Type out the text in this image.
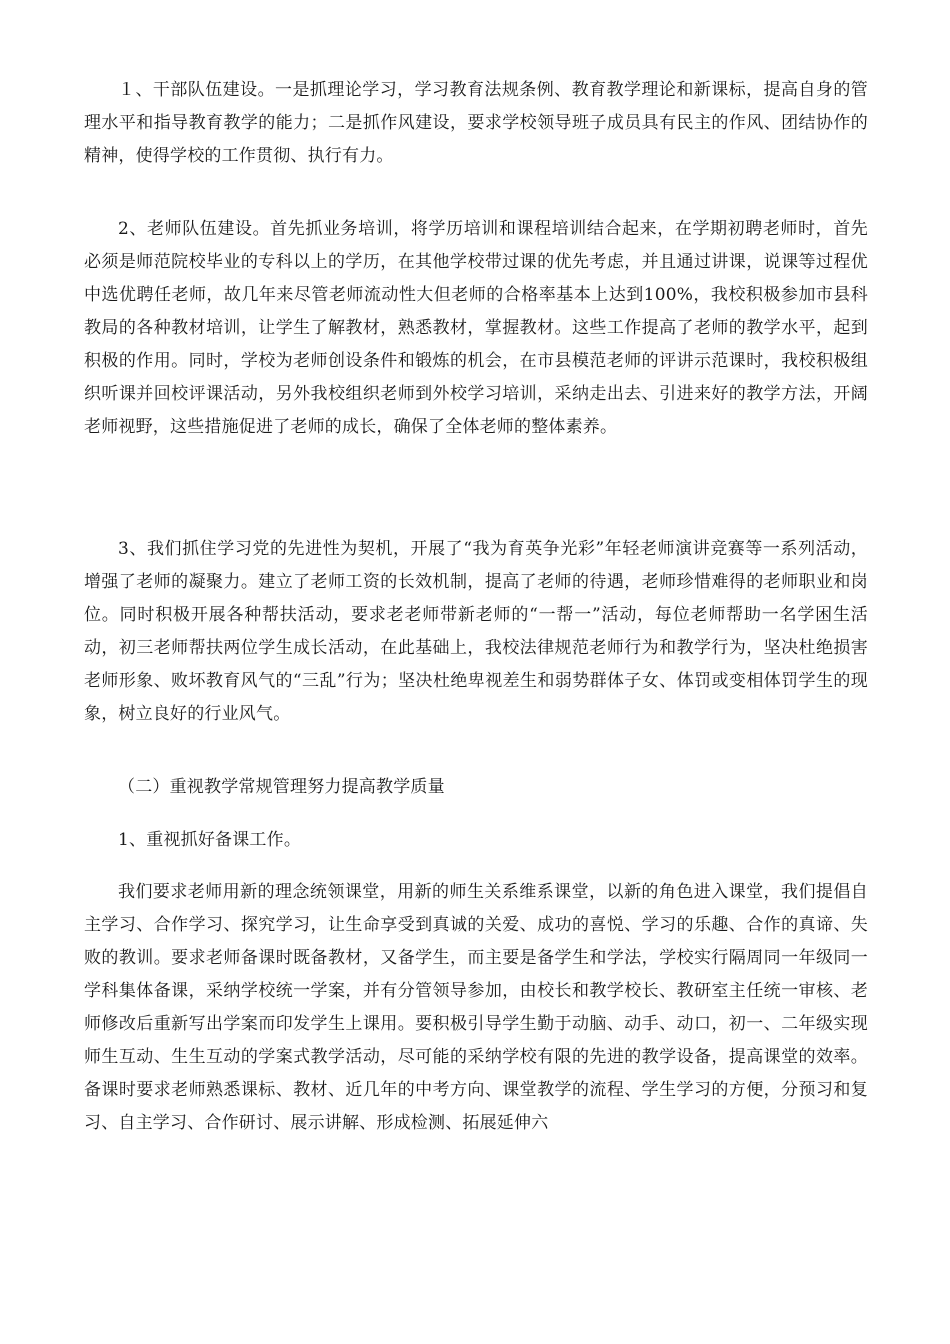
１、干部队伍建设。一是抓理论学习，学习教育法规条例、教育教学理论和新课标，提高自身的管理水平和指导教育教学的能力；二是抓作风建设，要求学校领导班子成员具有民主的作风、团结协作的精神，使得学校的工作贯彻、执行有力。

2、老师队伍建设。首先抓业务培训，将学历培训和课程培训结合起来，在学期初聘老师时，首先必须是师范院校毕业的专科以上的学历，在其他学校带过课的优先考虑，并且通过讲课，说课等过程优中选优聘任老师，故几年来尽管老师流动性大但老师的合格率基本上达到100%，我校积极参加市县科教局的各种教材培训，让学生了解教材，熟悉教材，掌握教材。这些工作提高了老师的教学水平，起到积极的作用。同时，学校为老师创设条件和锻炼的机会，在市县模范老师的评讲示范课时，我校积极组织听课并回校评课活动，另外我校组织老师到外校学习培训，采纳走出去、引进来好的教学方法，开阔老师视野，这些措施促进了老师的成长，确保了全体老师的整体素养。

3、我们抓住学习党的先进性为契机，开展了“我为育英争光彩”年轻老师演讲竞赛等一系列活动，增强了老师的凝聚力。建立了老师工资的长效机制，提高了老师的待遇，老师珍惜难得的老师职业和岗位。同时积极开展各种帮扶活动，要求老老师带新老师的“一帮一”活动，每位老师帮助一名学困生活动，初三老师帮扶两位学生成长活动，在此基础上，我校法律规范老师行为和教学行为，坚决杜绝损害老师形象、败坏教育风气的“三乱”行为；坚决杜绝卑视差生和弱势群体子女、体罚或变相体罚学生的现象，树立良好的行业风气。

（二）重视教学常规管理努力提高教学质量

1、重视抓好备课工作。

我们要求老师用新的理念统领课堂，用新的师生关系维系课堂，以新的角色进入课堂，我们提倡自主学习、合作学习、探究学习，让生命享受到真诚的关爱、成功的喜悦、学习的乐趣、合作的真谛、失败的教训。要求老师备课时既备教材，又备学生，而主要是备学生和学法，学校实行隔周同一年级同一学科集体备课，采纳学校统一学案，并有分管领导参加，由校长和教学校长、教研室主任统一审核、老师修改后重新写出学案而印发学生上课用。要积极引导学生勤于动脑、动手、动口，初一、二年级实现师生互动、生生互动的学案式教学活动，尽可能的采纳学校有限的先进的教学设备，提高课堂的效率。备课时要求老师熟悉课标、教材、近几年的中考方向、课堂教学的流程、学生学习的方便，分预习和复习、自主学习、合作研讨、展示讲解、形成检测、拓展延伸六
